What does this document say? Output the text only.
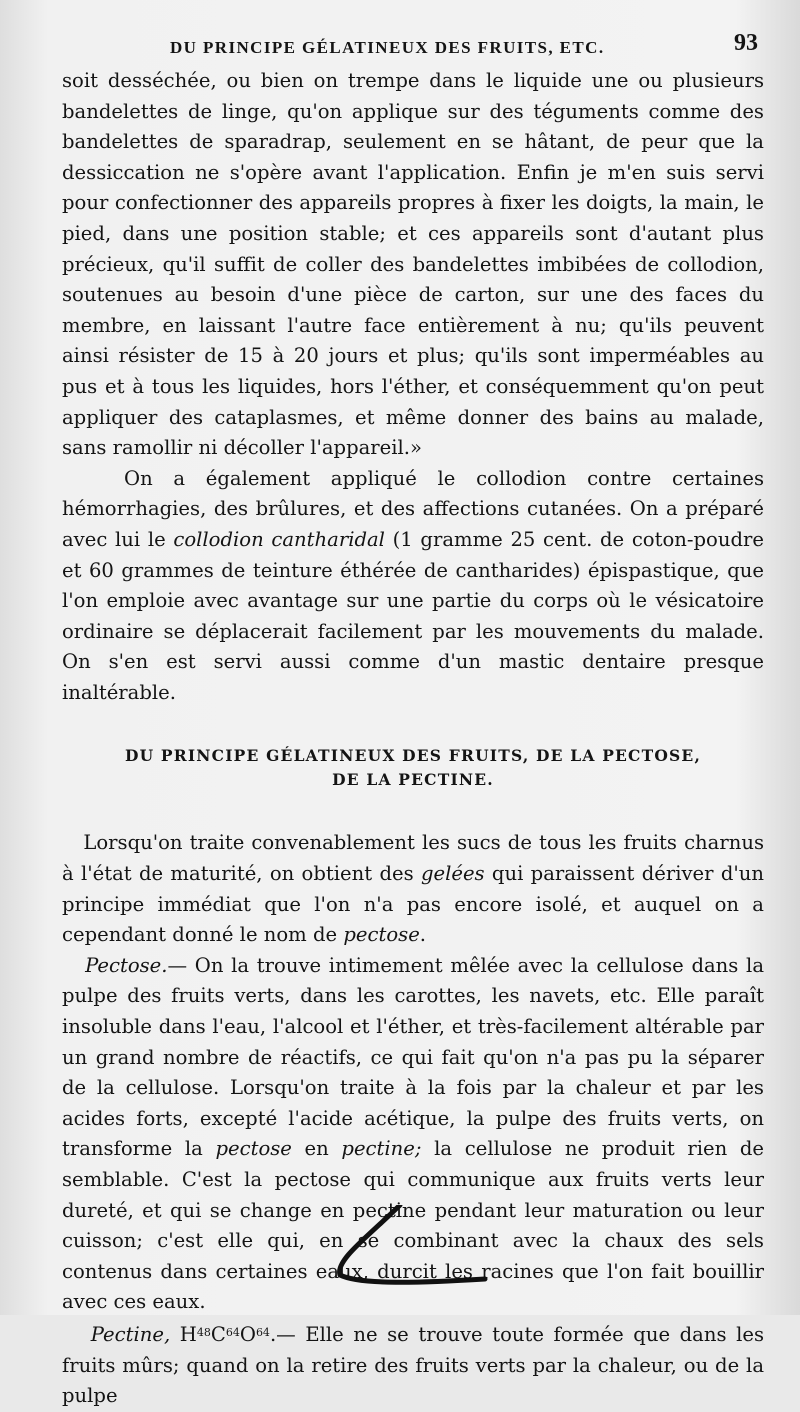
DU PRINCIPE GÉLATINEUX DES FRUITS, ETC.	93

soit desséchée, ou bien on trempe dans le liquide une ou plusieurs bandelettes de linge, qu'on applique sur des téguments comme des bandelettes de sparadrap, seulement en se hâtant, de peur que la dessiccation ne s'opère avant l'application. Enfin je m'en suis servi pour confectionner des appareils propres à fixer les doigts, la main, le pied, dans une position stable; et ces appareils sont d'autant plus précieux, qu'il suffit de coller des bandelettes imbibées de collodion, soutenues au besoin d'une pièce de carton, sur une des faces du membre, en laissant l'autre face entièrement à nu; qu'ils peuvent ainsi résister de 15 à 20 jours et plus; qu'ils sont imperméables au pus et à tous les liquides, hors l'éther, et conséquemment qu'on peut appliquer des cataplasmes, et même donner des bains au malade, sans ramollir ni décoller l'appareil.»

On a également appliqué le collodion contre certaines hémorrhagies, des brûlures, et des affections cutanées. On a préparé avec lui le collodion cantharidal (1 gramme 25 cent. de coton-poudre et 60 grammes de teinture éthérée de cantharides) épispastique, que l'on emploie avec avantage sur une partie du corps où le vésicatoire ordinaire se déplacerait facilement par les mouvements du malade. On s'en est servi aussi comme d'un mastic dentaire presque inaltérable.

DU PRINCIPE GÉLATINEUX DES FRUITS, DE LA PECTOSE,
DE LA PECTINE.

Lorsqu'on traite convenablement les sucs de tous les fruits charnus à l'état de maturité, on obtient des gelées qui paraissent dériver d'un principe immédiat que l'on n'a pas encore isolé, et auquel on a cependant donné le nom de pectose.

Pectose.— On la trouve intimement mêlée avec la cellulose dans la pulpe des fruits verts, dans les carottes, les navets, etc. Elle paraît insoluble dans l'eau, l'alcool et l'éther, et très-facilement altérable par un grand nombre de réactifs, ce qui fait qu'on n'a pas pu la séparer de la cellulose. Lorsqu'on traite à la fois par la chaleur et par les acides forts, excepté l'acide acétique, la pulpe des fruits verts, on transforme la pectose en pectine; la cellulose ne produit rien de semblable. C'est la pectose qui communique aux fruits verts leur dureté, et qui se change en pectine pendant leur maturation ou leur cuisson; c'est elle qui, en se combinant avec la chaux des sels contenus dans certaines eaux, durcit les racines que l'on fait bouillir avec ces eaux.

Pectine, $H^{48}C^{64}O^{64}.—$ Elle ne se trouve toute formée que dans les fruits mûrs; quand on la retire des fruits verts par la chaleur, ou de la pulpe
